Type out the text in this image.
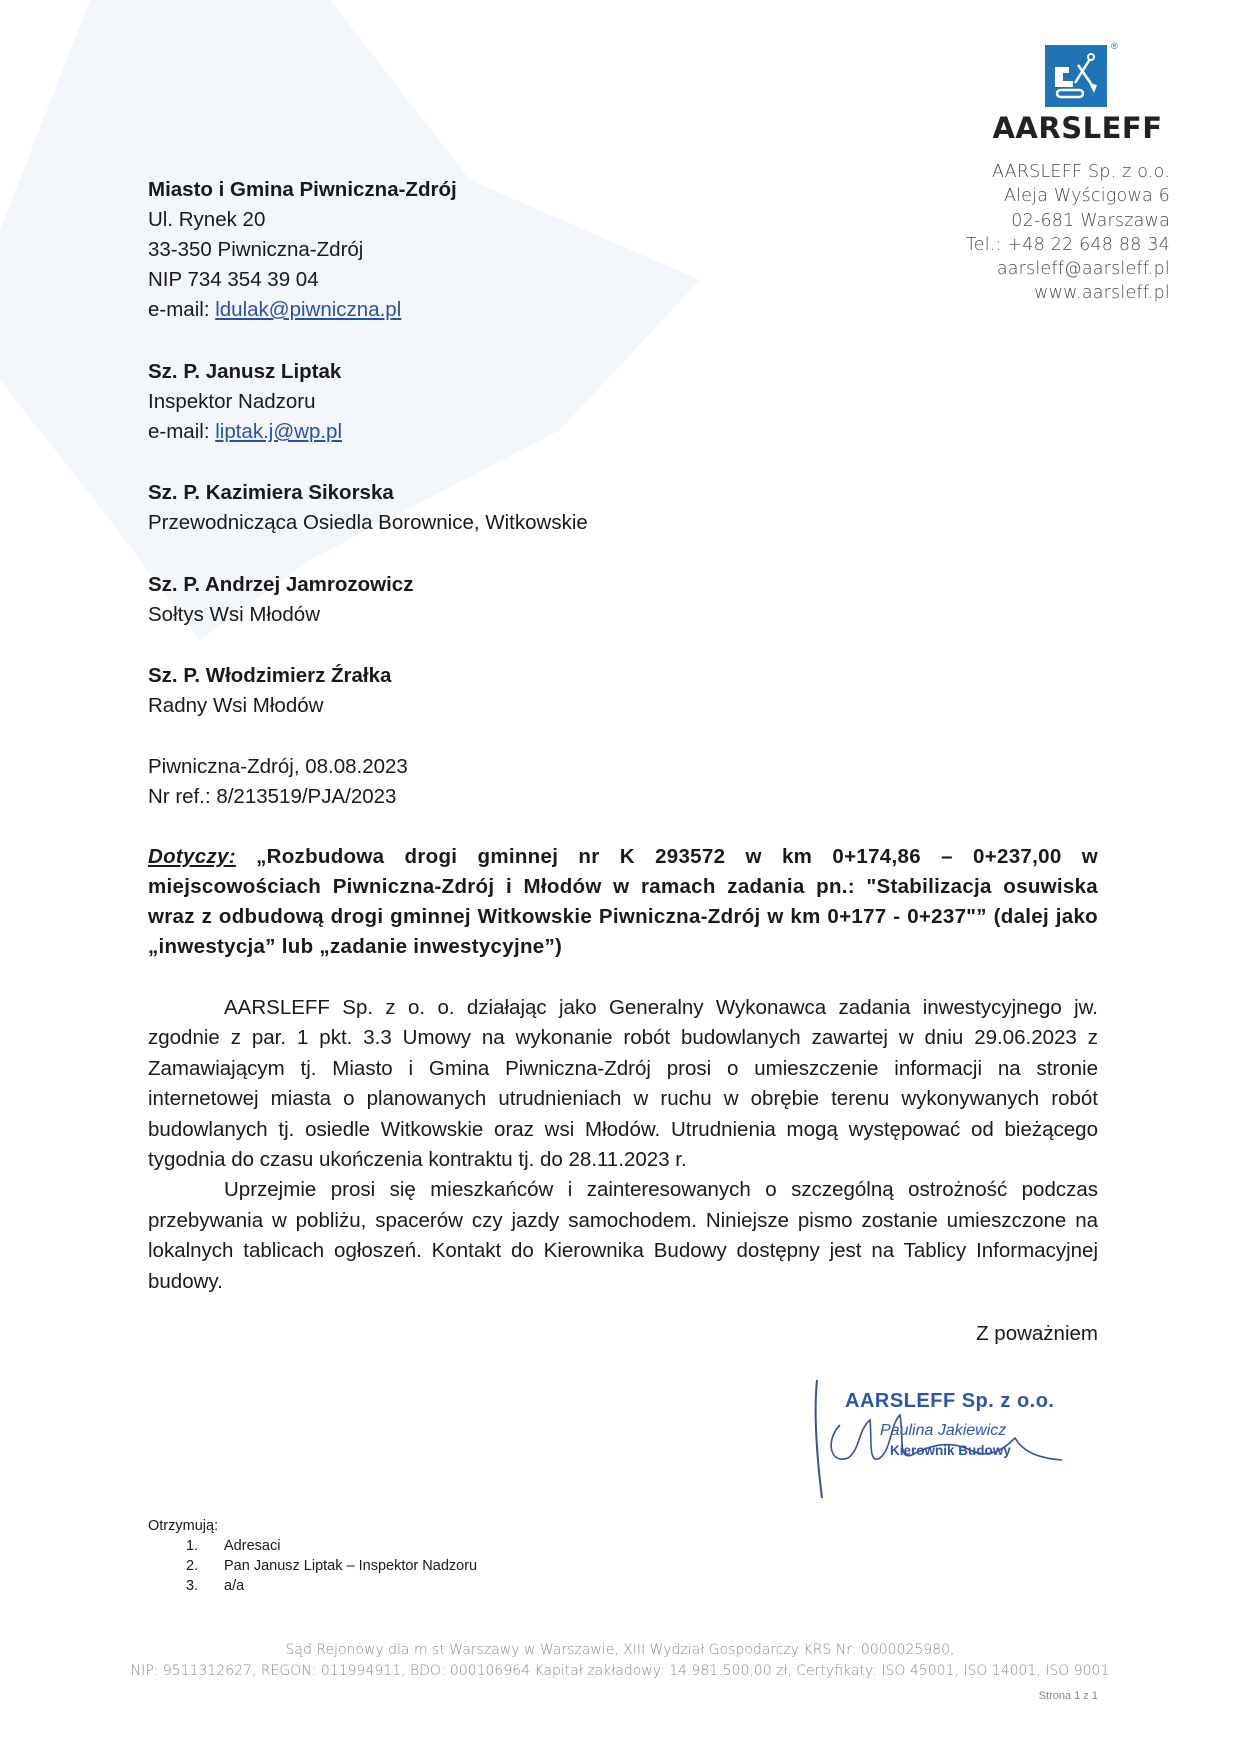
®
AARSLEFF
AARSLEFF Sp. z o.o.
Aleja Wyścigowa 6
02-681 Warszawa
Tel.: +48 22 648 88 34
aarsleff@aarsleff.pl
www.aarsleff.pl
Miasto i Gmina Piwniczna-Zdrój
Ul. Rynek 20
33-350 Piwniczna-Zdrój
NIP 734 354 39 04
e-mail: ldulak@piwniczna.pl
Sz. P. Janusz Liptak
Inspektor Nadzoru
e-mail: liptak.j@wp.pl
Sz. P. Kazimiera Sikorska
Przewodnicząca Osiedla Borownice, Witkowskie
Sz. P. Andrzej Jamrozowicz
Sołtys Wsi Młodów
Sz. P. Włodzimierz Źrałka
Radny Wsi Młodów
Piwniczna-Zdrój, 08.08.2023
Nr ref.: 8/213519/PJA/2023
Dotyczy: „Rozbudowa drogi gminnej nr K 293572 w km 0+174,86 – 0+237,00 w miejscowościach Piwniczna-Zdrój i Młodów w ramach zadania pn.: "Stabilizacja osuwiska wraz z odbudową drogi gminnej Witkowskie Piwniczna-Zdrój w km 0+177 - 0+237"” (dalej jako „inwestycja” lub „zadanie inwestycyjne”)

AARSLEFF Sp. z o. o. działając jako Generalny Wykonawca zadania inwestycyjnego jw. zgodnie z par. 1 pkt. 3.3 Umowy na wykonanie robót budowlanych zawartej w dniu 29.06.2023 z Zamawiającym tj. Miasto i Gmina Piwniczna-Zdrój prosi o umieszczenie informacji na stronie internetowej miasta o planowanych utrudnieniach w ruchu w obrębie terenu wykonywanych robót budowlanych tj. osiedle Witkowskie oraz wsi Młodów. Utrudnienia mogą występować od bieżącego tygodnia do czasu ukończenia kontraktu tj. do 28.11.2023 r.

Uprzejmie prosi się mieszkańców i zainteresowanych o szczególną ostrożność podczas przebywania w pobliżu, spacerów czy jazdy samochodem. Niniejsze pismo zostanie umieszczone na lokalnych tablicach ogłoszeń. Kontakt do Kierownika Budowy dostępny jest na Tablicy Informacyjnej budowy.

Z poważniem
AARSLEFF Sp. z o.o.
Paulina Jakiewicz
Kierownik Budowy
Otrzymują:
1.	Adresaci
2.	Pan Janusz Liptak – Inspektor Nadzoru
3.	a/a
Sąd Rejonowy dla m.st Warszawy w Warszawie, XIII Wydział Gospodarczy KRS Nr: 0000025980,
NIP: 9511312627, REGON: 011994911, BDO: 000106964 Kapitał zakładowy: 14.981.500,00 zł, Certyfikaty: ISO 45001, ISO 14001, ISO 9001
Strona 1 z 1
